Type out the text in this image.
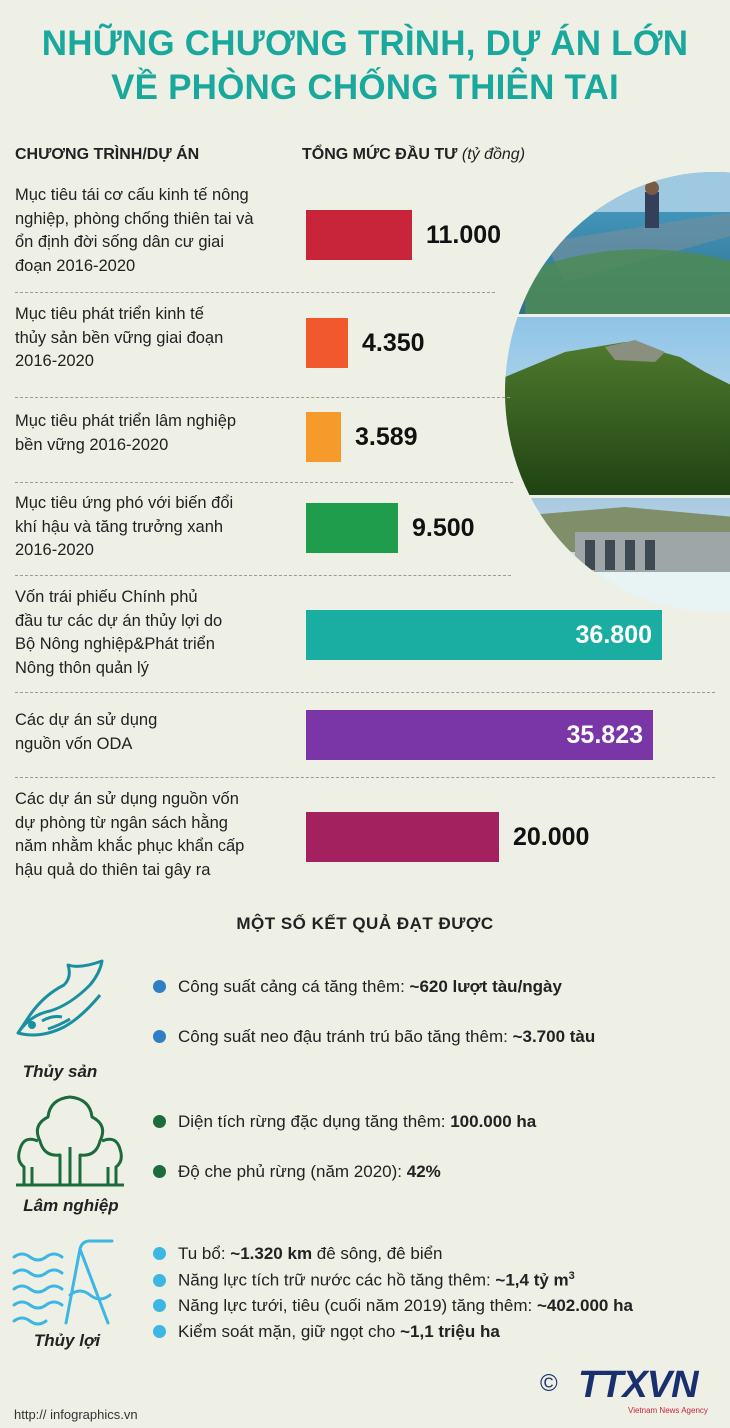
NHỮNG CHƯƠNG TRÌNH, DỰ ÁN LỚN
VỀ PHÒNG CHỐNG THIÊN TAI
CHƯƠNG TRÌNH/DỰ ÁN	TỔNG MỨC ĐẦU TƯ (tỷ đồng)
Mục tiêu tái cơ cấu kinh tế nông
nghiệp, phòng chống thiên tai và
ổn định đời sống dân cư giai
đoạn 2016-2020
11.000
Mục tiêu phát triển kinh tế
thủy sản bền vững giai đoạn
2016-2020
4.350
Mục tiêu phát triển lâm nghiệp
bền vững 2016-2020	3.589
Mục tiêu ứng phó với biến đổi
khí hậu và tăng trưởng xanh
2016-2020
9.500
Vốn trái phiếu Chính phủ
đầu tư các dự án thủy lợi do
Bộ Nông nghiệp&Phát triển
Nông thôn quản lý
36.800
Các dự án sử dụng
nguồn vốn ODA	35.823
Các dự án sử dụng nguồn vốn
dự phòng từ ngân sách hằng
năm nhằm khắc phục khẩn cấp
hậu quả do thiên tai gây ra
20.000
MỘT SỐ KẾT QUẢ ĐẠT ĐƯỢC
Thủy sản
Lâm nghiệp
Thủy lợi
Công suất cảng cá tăng thêm: ~620 lượt tàu/ngày
Công suất neo đậu tránh trú bão tăng thêm: ~3.700 tàu
Diện tích rừng đặc dụng tăng thêm: 100.000 ha
Độ che phủ rừng (năm 2020): 42%
Tu bổ: ~1.320 km đê sông, đê biển
Năng lực tích trữ nước các hồ tăng thêm: ~1,4 tỷ $m^3$
Năng lực tưới, tiêu (cuối năm 2019) tăng thêm: ~402.000 ha
Kiểm soát mặn, giữ ngọt cho ~1,1 triệu ha
http:// infographics.vn
© TTXVN
Vietnam News Agency
